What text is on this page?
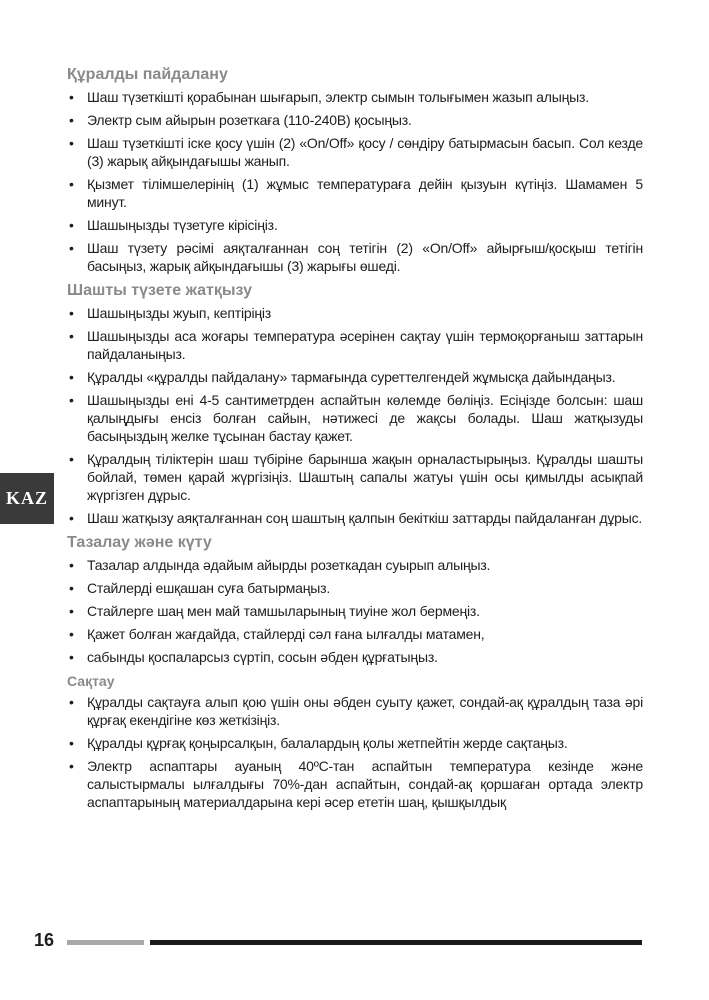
KAZ
Құралды пайдалану
• Шаш түзеткішті қорабынан шығарып, электр сымын толығымен жазып алыңыз.
• Электр сым айырын розеткаға (110-240В) қосыңыз.
• Шаш түзеткішті іске қосу үшін (2) «On/Off» қосу / сөндіру батырмасын басып. Сол кезде (3) жарық айқындағышы жанып.
• Қызмет тілімшелерінің (1) жұмыс температураға дейін қызуын күтіңіз. Шамамен 5 минут.
• Шашыңызды түзетуге кірісіңіз.
• Шаш түзету рәсімі аяқталғаннан соң тетігін (2) «On/Off» айырғыш/қосқыш тетігін басыңыз, жарық айқындағышы (3) жарығы өшеді.
Шашты түзете жатқызу
• Шашыңызды жуып, кептіріңіз
• Шашыңызды аса жоғары температура әсерінен сақтау үшін термоқорғаныш заттарын пайдаланыңыз.
• Құралды «құралды пайдалану» тармағында суреттелгендей жұмысқа дайындаңыз.
• Шашыңызды ені 4-5 сантиметрден аспайтын көлемде бөліңіз. Есіңізде болсын: шаш қалыңдығы енсіз болған сайын, нәтижесі де жақсы болады. Шаш жатқызуды басыңыздың желке тұсынан бастау қажет.
• Құралдың тіліктерін шаш түбіріне барынша жақын орналастырыңыз. Құралды шашты бойлай, төмен қарай жүргізіңіз. Шаштың сапалы жатуы үшін осы қимылды асықпай жүргізген дұрыс.
• Шаш жатқызу аяқталғаннан соң шаштың қалпын бекіткіш заттарды пайдаланған дұрыс.
Тазалау және күту
• Тазалар алдында әдайым айырды розеткадан суырып алыңыз.
• Стайлерді ешқашан суға батырмаңыз.
• Стайлерге шаң мен май тамшыларының тиуіне жол бермеңіз.
• Қажет болған жағдайда, стайлерді сәл ғана ылғалды матамен,
• сабынды қоспаларсыз сүртіп, сосын әбден құрғатыңыз.
Сақтау
• Құралды сақтауға алып қою үшін оны әбден суыту қажет, сондай-ақ құралдың таза әрі құрғақ екендігіне көз жеткізіңіз.
• Құралды құрғақ қоңырсалқын, балалардың қолы жетпейтін жерде сақтаңыз.
• Электр аспаптары ауаның 40ºС-тан аспайтын температура кезінде және салыстырмалы ылғалдығы 70%-дан аспайтын, сондай-ақ қоршаған ортада электр аспаптарының материалдарына кері әсер ететін шаң, қышқылдық
16
